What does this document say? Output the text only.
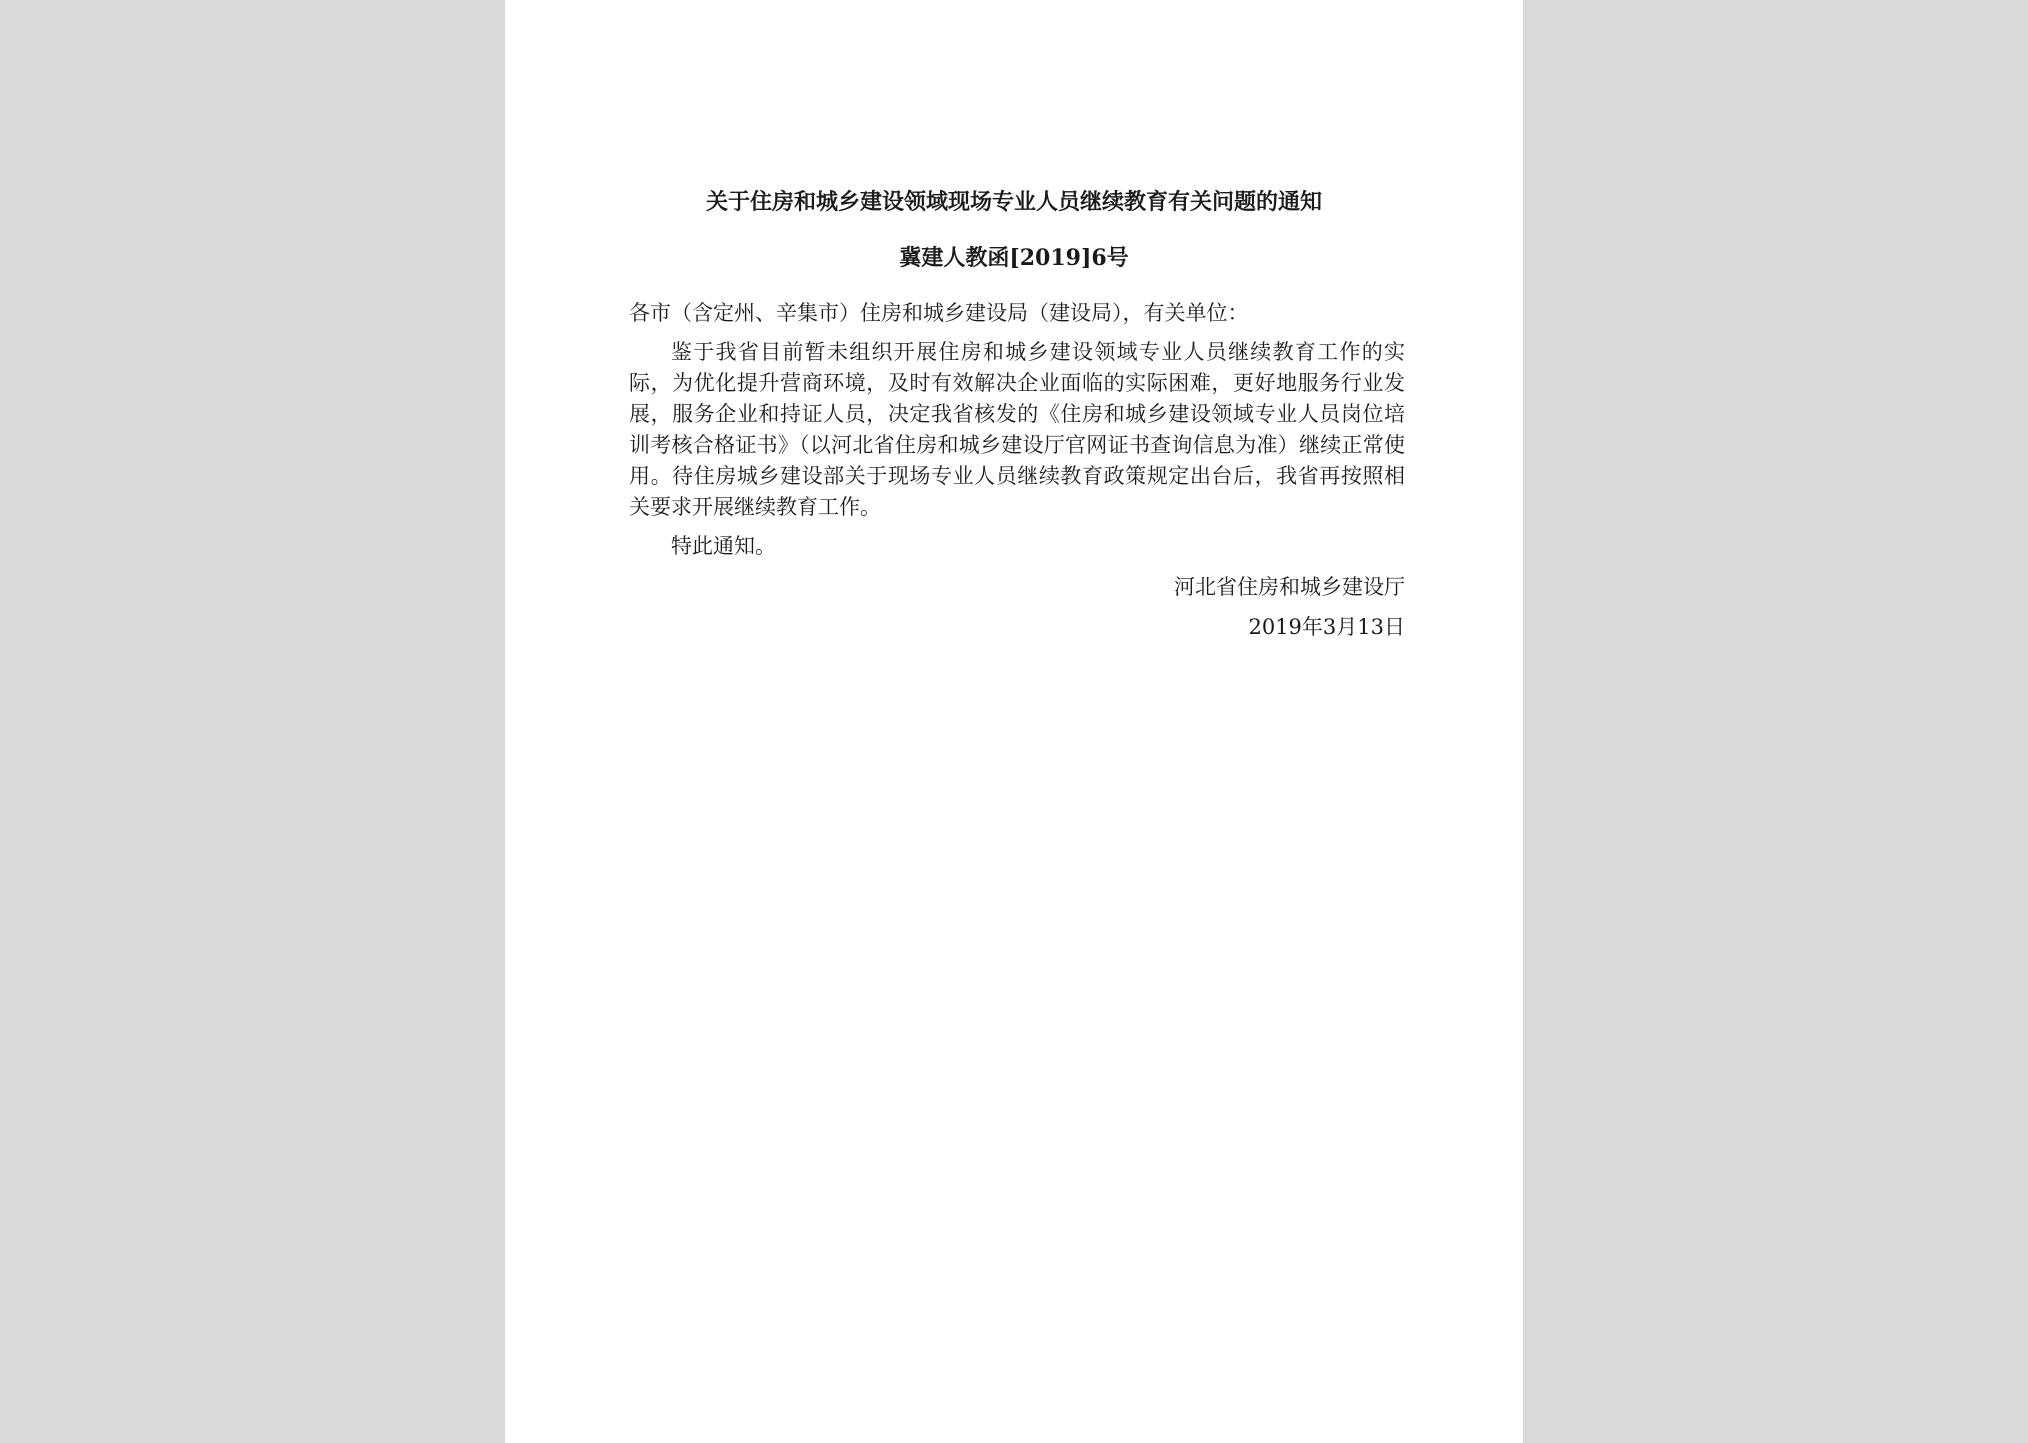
关于住房和城乡建设领域现场专业人员继续教育有关问题的通知
冀建人教函[2019]6号
各市（含定州、辛集市）住房和城乡建设局（建设局），有关单位：
鉴于我省目前暂未组织开展住房和城乡建设领域专业人员继续教育工作的实际，为优化提升营商环境，及时有效解决企业面临的实际困难，更好地服务行业发展，服务企业和持证人员，决定我省核发的《住房和城乡建设领域专业人员岗位培训考核合格证书》（以河北省住房和城乡建设厅官网证书查询信息为准）继续正常使用。待住房城乡建设部关于现场专业人员继续教育政策规定出台后，我省再按照相关要求开展继续教育工作。
特此通知。
河北省住房和城乡建设厅
2019年3月13日
